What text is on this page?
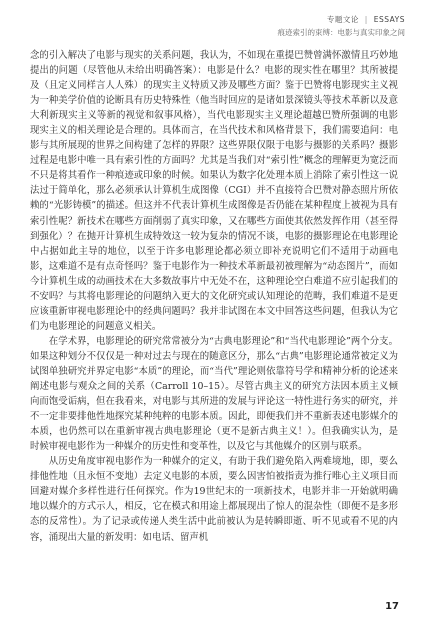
专题文论 | ESSAYS
痕迹索引的束缚：电影与真实印象之间

念的引入解决了电影与现实的关系问题，我认为，不如现在重提巴赞曾满怀激情且巧妙地提出的问题（尽管他从未给出明确答案）：电影是什么？电影的现实性在哪里？其所被提及（且定义同样言人人殊）的现实主义特质又涉及哪些方面？鉴于巴赞将电影现实主义视为一种美学价值的论断具有历史特殊性（他当时回应的是诸如景深镜头等技术革新以及意大利新现实主义等新的视觉和叙事风格），当代电影现实主义理论超越巴赞所强调的电影现实主义的相关理论是合理的。具体而言，在当代技术和风格背景下，我们需要追问：电影与其所展现的世界之间构建了怎样的界限？这些界限仅限于电影与摄影的关系吗？摄影过程是电影中唯一具有索引性的方面吗？尤其是当我们对“索引性”概念的理解更为宽泛而不只是将其看作一种痕迹或印象的时候。如果认为数字化处理本质上消除了索引性这一说法过于简单化，那么必须承认计算机生成图像（CGI）并不直接符合巴赞对静态照片所依赖的“光影铸模”的描述。但这并不代表计算机生成图像是否仍能在某种程度上被视为具有索引性呢？新技术在哪些方面削弱了真实印象，又在哪些方面使其依然发挥作用（甚至得到强化）？在抛开计算机生成特效这一较为复杂的情况不谈，电影的摄影理论在电影理论中占据如此主导的地位，以至于许多电影理论都必须立即补充说明它们不适用于动画电影，这难道不是有点奇怪吗？鉴于电影作为一种技术革新最初被理解为“动态图片”，而如今计算机生成的动画技术在大多数故事片中无处不在，这种理论空白难道不应引起我们的不安吗？与其将电影理论的问题纳入更大的文化研究或认知理论的范畴，我们难道不是更应该重新审视电影理论中的经典问题吗？我并非试图在本文中回答这些问题，但我认为它们为电影理论的问题意义相关。

在学术界，电影理论的研究常常被分为“古典电影理论”和“当代电影理论”两个分支。如果这种划分不仅仅是一种对过去与现在的随意区分，那么“古典”电影理论通常被定义为试图单独研究并界定电影“本质”的理论，而“当代”理论则依靠符号学和精神分析的论述来阐述电影与观众之间的关系（Carroll 10–15）。尽管古典主义的研究方法因本质主义倾向而饱受诟病，但在我看来，对电影与其所进的发展与评论这一特性进行务实的研究，并不一定非要排他性地探究某种纯粹的电影本质。因此，即便我们并不重新表述电影媒介的本质，也仍然可以在重新审视古典电影理论（更不是新古典主义！）。但我确实认为，是时候审视电影作为一种媒介的历史性和变革性，以及它与其他媒介的区别与联系。

从历史角度审视电影作为一种媒介的定义，有助于我们避免陷入两难境地，即，要么排他性地（且永恒不变地）去定义电影的本质，要么因害怕被指责为推行唯心主义项目而回避对媒介多样性进行任何探究。作为19世纪末的一项新技术，电影并非一开始就明确地以媒介的方式示人，相反，它在模式和用途上都展现出了惊人的混杂性（即便不是多形态的反常性）。为了记录或传递人类生活中此前被认为是转瞬即逝、听不见或看不见的内容，涌现出大量的新发明：如电话、留声机

17
